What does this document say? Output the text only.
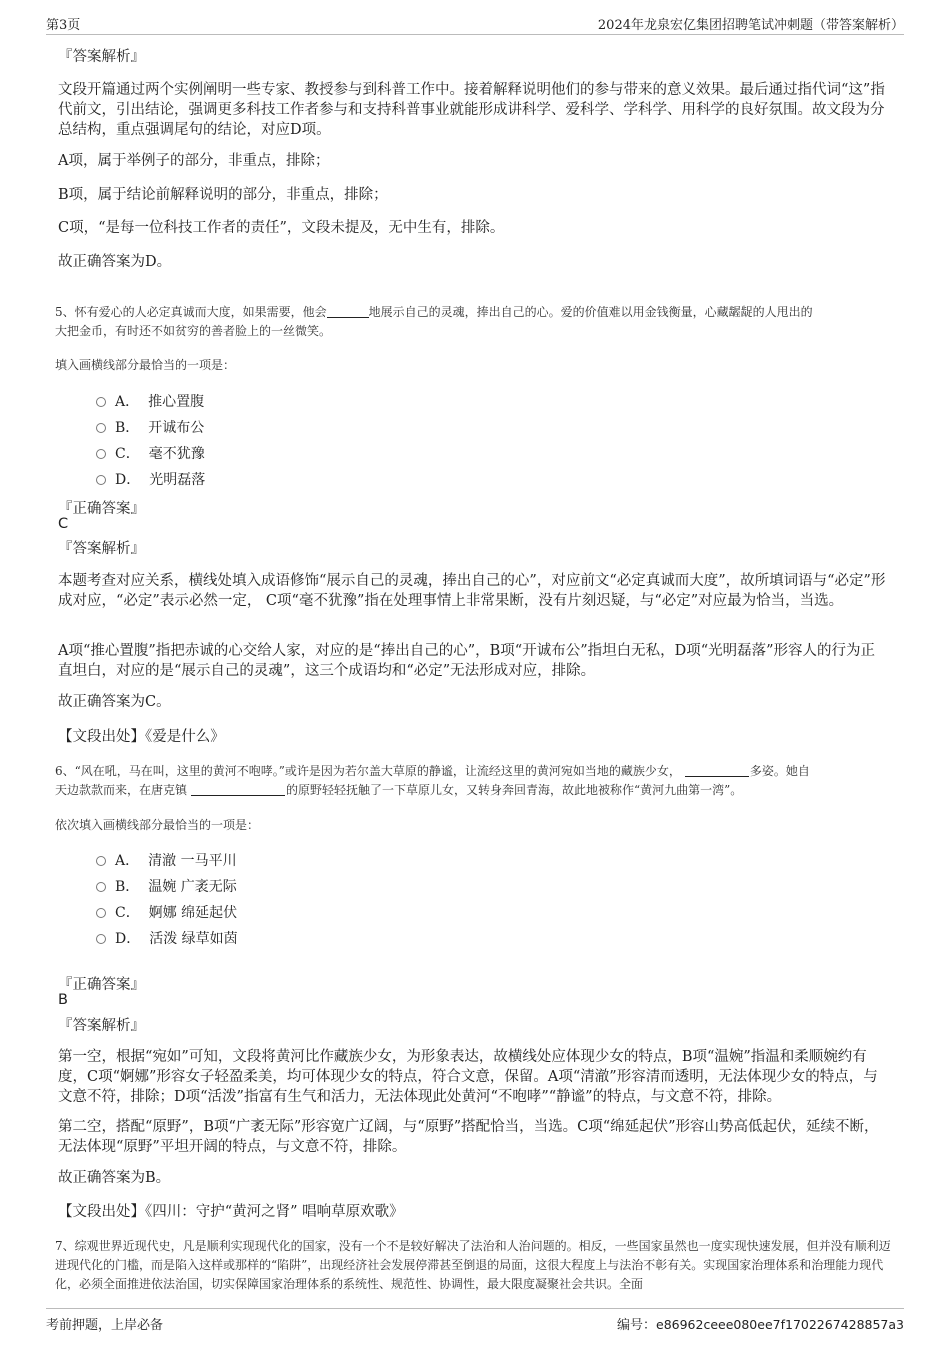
第3页	2024年龙泉宏亿集团招聘笔试冲刺题（带答案解析）
『答案解析』
文段开篇通过两个实例阐明一些专家、教授参与到科普工作中。接着解释说明他们的参与带来的意义效果。最后通过指代词“这”指代前文，引出结论，强调更多科技工作者参与和支持科普事业就能形成讲科学、爱科学、学科学、用科学的良好氛围。故文段为分总结构，重点强调尾句的结论，对应D项。
A项，属于举例子的部分，非重点，排除；
B项，属于结论前解释说明的部分，非重点，排除；
C项，“是每一位科技工作者的责任”，文段未提及，无中生有，排除。
故正确答案为D。
5、怀有爱心的人必定真诚而大度，如果需要，他会	地展示自己的灵魂，捧出自己的心。爱的价值难以用金钱衡量，心藏龌龊的人甩出的
大把金币，有时还不如贫穷的善者脸上的一丝微笑。
填入画横线部分最恰当的一项是：
A． 推心置腹
B． 开诚布公
C． 毫不犹豫
D． 光明磊落
『正确答案』
C
『答案解析』
本题考查对应关系，横线处填入成语修饰“展示自己的灵魂，捧出自己的心”，对应前文“必定真诚而大度”，故所填词语与“必定”形成对应，“必定”表示必然一定， C项“毫不犹豫”指在处理事情上非常果断，没有片刻迟疑，与“必定”对应最为恰当，当选。
A项“推心置腹”指把赤诚的心交给人家，对应的是“捧出自己的心”，B项“开诚布公”指坦白无私，D项“光明磊落”形容人的行为正直坦白，对应的是“展示自己的灵魂”，这三个成语均和“必定”无法形成对应，排除。
故正确答案为C。
【文段出处】《爱是什么》
6、“风在吼，马在叫，这里的黄河不咆哮。”或许是因为若尔盖大草原的静谧，让流经这里的黄河宛如当地的藏族少女，	多姿。她自
天边款款而来，在唐克镇	的原野轻轻抚触了一下草原儿女，又转身奔回青海，故此地被称作“黄河九曲第一湾”。
依次填入画横线部分最恰当的一项是：
A． 清澈 一马平川
B． 温婉 广袤无际
C． 婀娜 绵延起伏
D． 活泼 绿草如茵
『正确答案』
B
『答案解析』
第一空，根据“宛如”可知，文段将黄河比作藏族少女，为形象表达，故横线处应体现少女的特点，B项“温婉”指温和柔顺婉约有度，C项“婀娜”形容女子轻盈柔美，均可体现少女的特点，符合文意，保留。A项“清澈”形容清而透明，无法体现少女的特点，与文意不符，排除；D项“活泼”指富有生气和活力，无法体现此处黄河“不咆哮”“静谧”的特点，与文意不符，排除。
第二空，搭配“原野”，B项“广袤无际”形容宽广辽阔，与“原野”搭配恰当，当选。C项“绵延起伏”形容山势高低起伏，延续不断，无法体现“原野”平坦开阔的特点，与文意不符，排除。
故正确答案为B。
【文段出处】《四川：守护“黄河之肾” 唱响草原欢歌》
7、综观世界近现代史，凡是顺利实现现代化的国家，没有一个不是较好解决了法治和人治问题的。相反，一些国家虽然也一度实现快速发展，但并没有顺利迈进现代化的门槛，而是陷入这样或那样的“陷阱”，出现经济社会发展停滞甚至倒退的局面，这很大程度上与法治不彰有关。实现国家治理体系和治理能力现代化，必须全面推进依法治国，切实保障国家治理体系的系统性、规范性、协调性，最大限度凝聚社会共识。全面
考前押题，上岸必备	编号：e86962ceee080ee7f1702267428857a3
